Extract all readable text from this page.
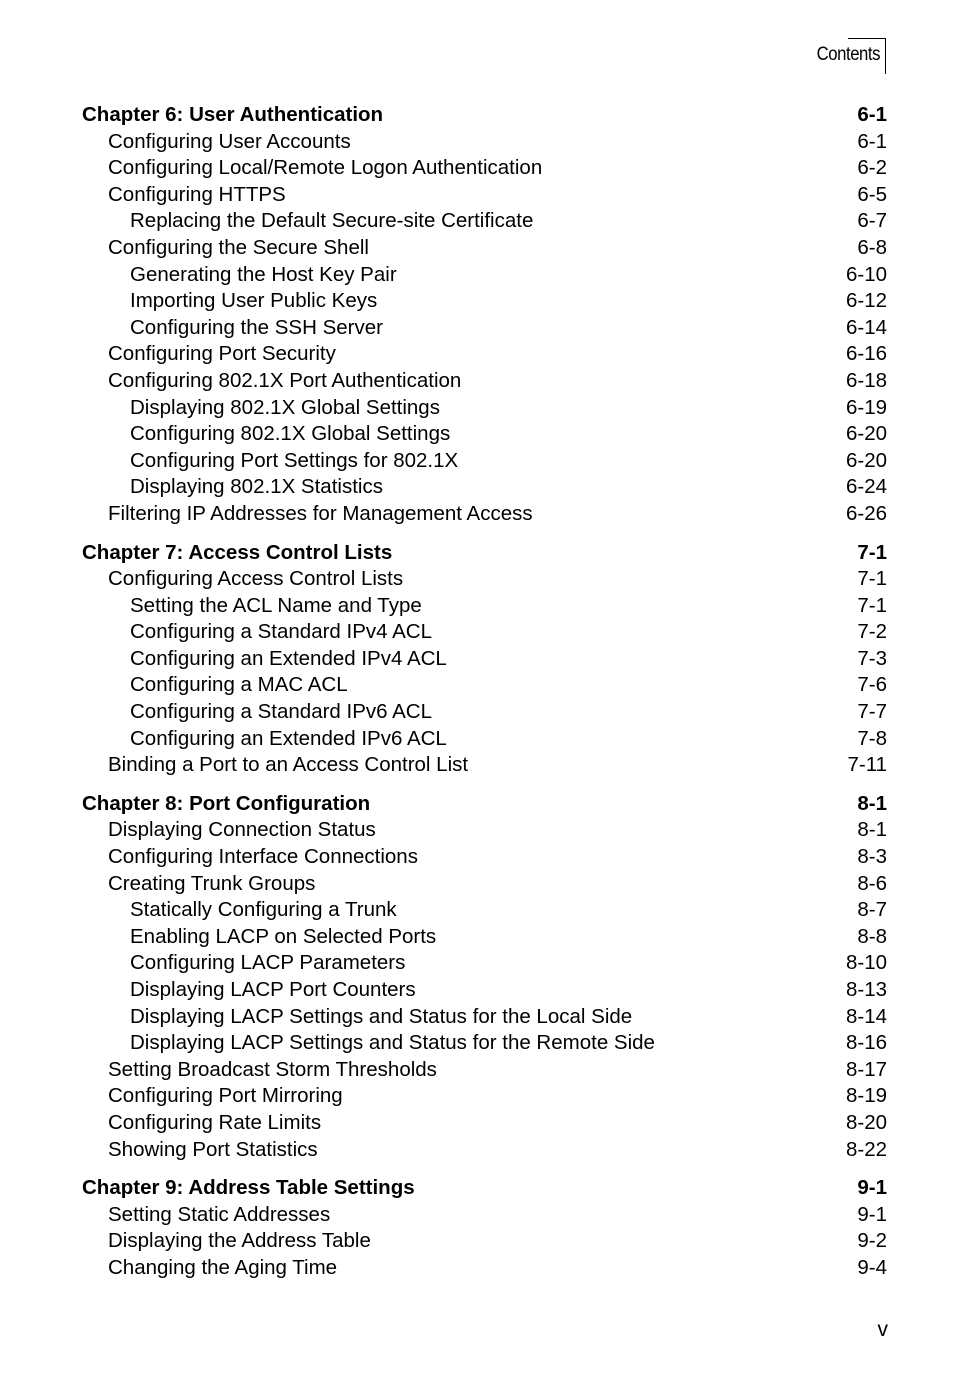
Contents
Chapter 6: User Authentication	6-1
Configuring User Accounts	6-1
Configuring Local/Remote Logon Authentication	6-2
Configuring HTTPS	6-5
Replacing the Default Secure-site Certificate	6-7
Configuring the Secure Shell	6-8
Generating the Host Key Pair	6-10
Importing User Public Keys	6-12
Configuring the SSH Server	6-14
Configuring Port Security	6-16
Configuring 802.1X Port Authentication	6-18
Displaying 802.1X Global Settings	6-19
Configuring 802.1X Global Settings	6-20
Configuring Port Settings for 802.1X	6-20
Displaying 802.1X Statistics	6-24
Filtering IP Addresses for Management Access	6-26
Chapter 7: Access Control Lists	7-1
Configuring Access Control Lists	7-1
Setting the ACL Name and Type	7-1
Configuring a Standard IPv4 ACL	7-2
Configuring an Extended IPv4 ACL	7-3
Configuring a MAC ACL	7-6
Configuring a Standard IPv6 ACL	7-7
Configuring an Extended IPv6 ACL	7-8
Binding a Port to an Access Control List	7-11
Chapter 8: Port Configuration	8-1
Displaying Connection Status	8-1
Configuring Interface Connections	8-3
Creating Trunk Groups	8-6
Statically Configuring a Trunk	8-7
Enabling LACP on Selected Ports	8-8
Configuring LACP Parameters	8-10
Displaying LACP Port Counters	8-13
Displaying LACP Settings and Status for the Local Side	8-14
Displaying LACP Settings and Status for the Remote Side	8-16
Setting Broadcast Storm Thresholds	8-17
Configuring Port Mirroring	8-19
Configuring Rate Limits	8-20
Showing Port Statistics	8-22
Chapter 9: Address Table Settings	9-1
Setting Static Addresses	9-1
Displaying the Address Table	9-2
Changing the Aging Time	9-4
v
